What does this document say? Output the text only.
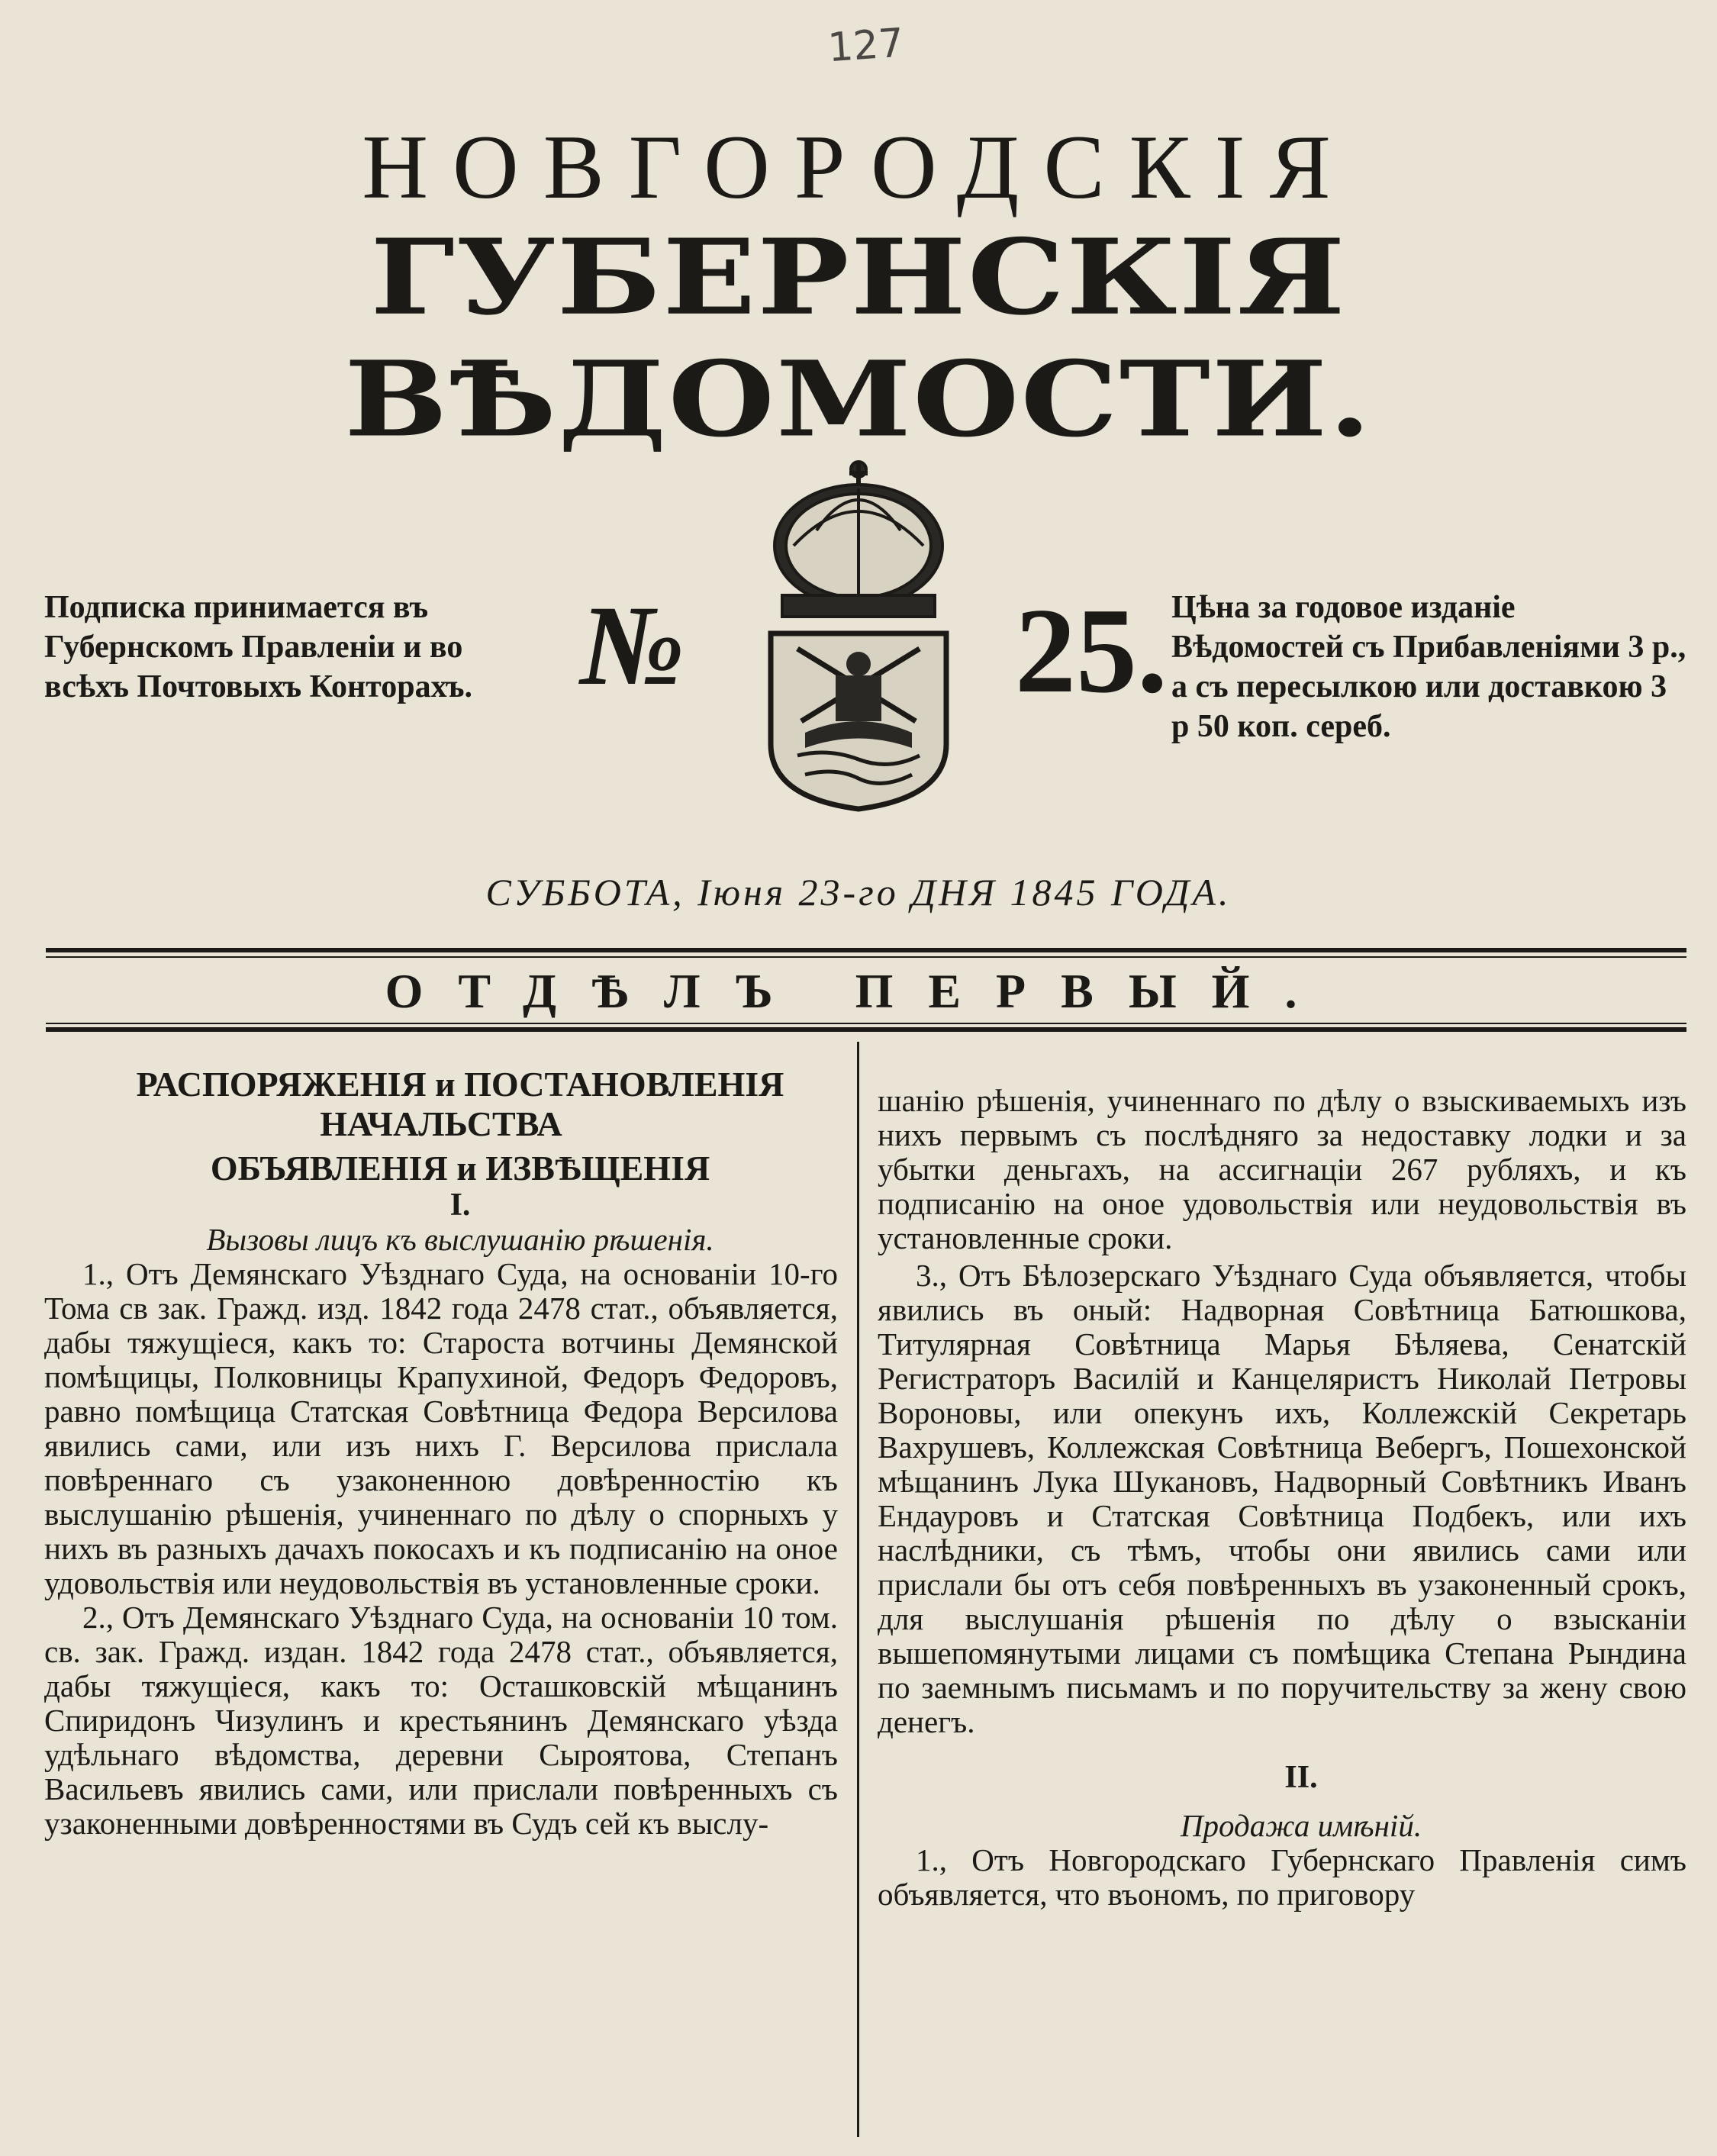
127
НОВГОРОДСКІЯ
ГУБЕРНСКІЯ ВѢДОМОСТИ.
Подписка принимается въ Губернскомъ Правленіи и во всѣхъ Почтовыхъ Конторахъ. №	25. Цѣна за годовое изданіе Вѣдомостей съ Прибавленіями 3 р., а съ пересылкою или доставкою 3 р 50 коп. сереб.
СУББОТА, Іюня 23-го ДНЯ 1845 ГОДА.
ОТДѢЛЪ ПЕРВЫЙ.

РАСПОРЯЖЕНІЯ и ПОСТАНОВЛЕНІЯ НАЧАЛЬСТВА

ОБЪЯВЛЕНІЯ и ИЗВѢЩЕНІЯ

I.

Вызовы лицъ къ выслушанію рѣшенія.

1., Отъ Демянскаго Уѣзднаго Суда, на основаніи 10-го Тома св зак. Гражд. изд. 1842 года 2478 стат., объявляется, дабы тяжущіеся, какъ то: Староста вотчины Демянской помѣщицы, Полковницы Крапухиной, Федоръ Федоровъ, равно помѣщица Статская Совѣтница Федора Версилова явились сами, или изъ нихъ Г. Версилова прислала повѣреннаго съ узаконенною довѣренностію къ выслушанію рѣшенія, учиненнаго по дѣлу о спорныхъ у нихъ въ разныхъ дачахъ покосахъ и къ подписанію на оное удовольствія или неудовольствія въ установленные сроки.

2., Отъ Демянскаго Уѣзднаго Суда, на основаніи 10 том. св. зак. Гражд. издан. 1842 года 2478 стат., объявляется, дабы тяжущіеся, какъ то: Осташковскій мѣщанинъ Спиридонъ Чизулинъ и крестьянинъ Демянскаго уѣзда удѣльнаго вѣдомства, деревни Сыроятова, Степанъ Васильевъ явились сами, или прислали повѣренныхъ съ узаконенными довѣренностями въ Судъ сей къ выслу-

шанію рѣшенія, учиненнаго по дѣлу о взыскиваемыхъ изъ нихъ первымъ съ послѣдняго за недоставку лодки и за убытки деньгахъ, на ассигнаціи 267 рубляхъ, и къ подписанію на оное удовольствія или неудовольствія въ установленные сроки.

3., Отъ Бѣлозерскаго Уѣзднаго Суда объявляется, чтобы явились въ оный: Надворная Совѣтница Батюшкова, Титулярная Совѣтница Марья Бѣляева, Сенатскій Регистраторъ Василій и Канцеляристъ Николай Петровы Вороновы, или опекунъ ихъ, Коллежскій Секретарь Вахрушевъ, Коллежская Совѣтница Вебергъ, Пошехонской мѣщанинъ Лука Шукановъ, Надворный Совѣтникъ Иванъ Ендауровъ и Статская Совѣтница Подбекъ, или ихъ наслѣдники, съ тѣмъ, чтобы они явились сами или прислали бы отъ себя повѣренныхъ въ узаконенный срокъ, для выслушанія рѣшенія по дѣлу о взысканіи вышепомянутыми лицами съ помѣщика Степана Рындина по заемнымъ письмамъ и по поручительству за жену свою денегъ.

II.

Продажа имѣній.

1., Отъ Новгородскаго Губернскаго Правленія симъ объявляется, что въономъ, по приговору
